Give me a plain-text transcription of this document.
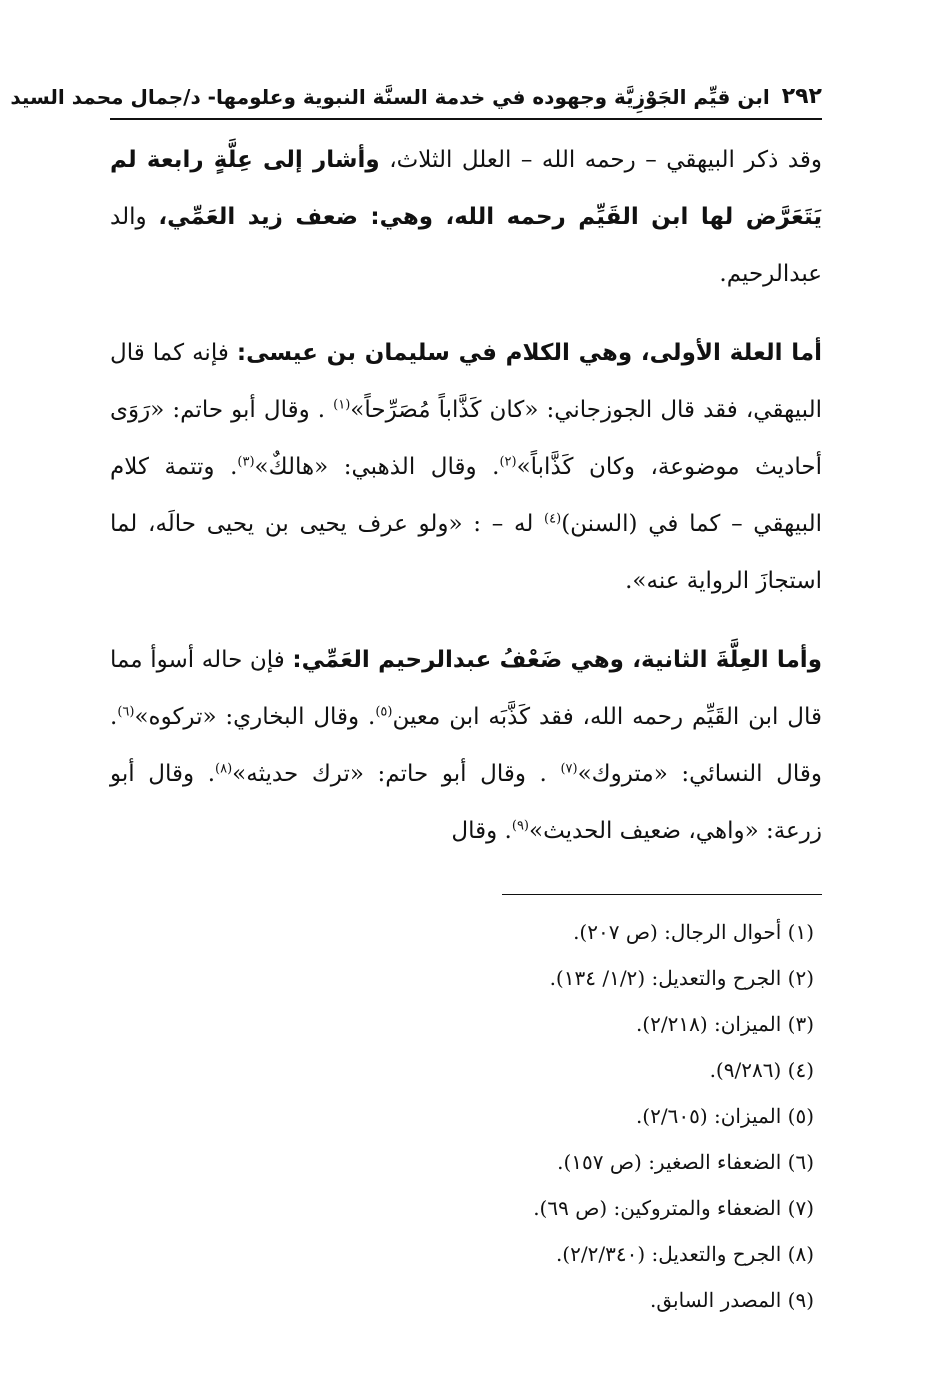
٢٩٢
ابن قيِّم الجَوْزِيَّة وجهوده في خدمة السنَّة النبوية وعلومها- د/جمال محمد السيد

وقد ذكر البيهقي – رحمه الله – العلل الثلاث، وأشار إلى عِلَّةٍ رابعة لم يَتَعَرَّض لها ابن القَيِّم رحمه الله، وهي: ضعف زيد العَمِّي، والد عبدالرحيم.

أما العلة الأولى، وهي الكلام في سليمان بن عيسى: فإنه كما قال البيهقي، فقد قال الجوزجاني: «كان كَذَّاباً مُصَرِّحاً»$^{(١)}$ . وقال أبو حاتم: «رَوَى أحاديث موضوعة، وكان كَذَّاباً»$^{(٢)}$. وقال الذهبي: «هالكٌ»$^{(٣)}$. وتتمة كلام البيهقي – كما في (السنن)$^{(٤)}$ له – : «ولو عرف يحيى بن يحيى حالَه، لما استجازَ الرواية عنه».

وأما العِلَّةَ الثانية، وهي ضَعْفُ عبدالرحيم العَمِّي: فإن حاله أسوأ مما قال ابن القَيِّم رحمه الله، فقد كَذَّبَه ابن معين$^{(٥)}$. وقال البخاري: «تركوه»$^{(٦)}$. وقال النسائي: «متروك»$^{(٧)}$ . وقال أبو حاتم: «ترك حديثه»$^{(٨)}$. وقال أبو زرعة: «واهي، ضعيف الحديث»$^{(٩)}$. وقال

(١) أحوال الرجال: (ص ٢٠٧).
(٢) الجرح والتعديل: (١/٢/ ١٣٤).
(٣) الميزان: (٢/٢١٨).
(٤) (٩/٢٨٦).
(٥) الميزان: (٢/٦٠٥).
(٦) الضعفاء الصغير: (ص ١٥٧).
(٧) الضعفاء والمتروكين: (ص ٦٩).
(٨) الجرح والتعديل: (٢/٢/٣٤٠).
(٩) المصدر السابق.
